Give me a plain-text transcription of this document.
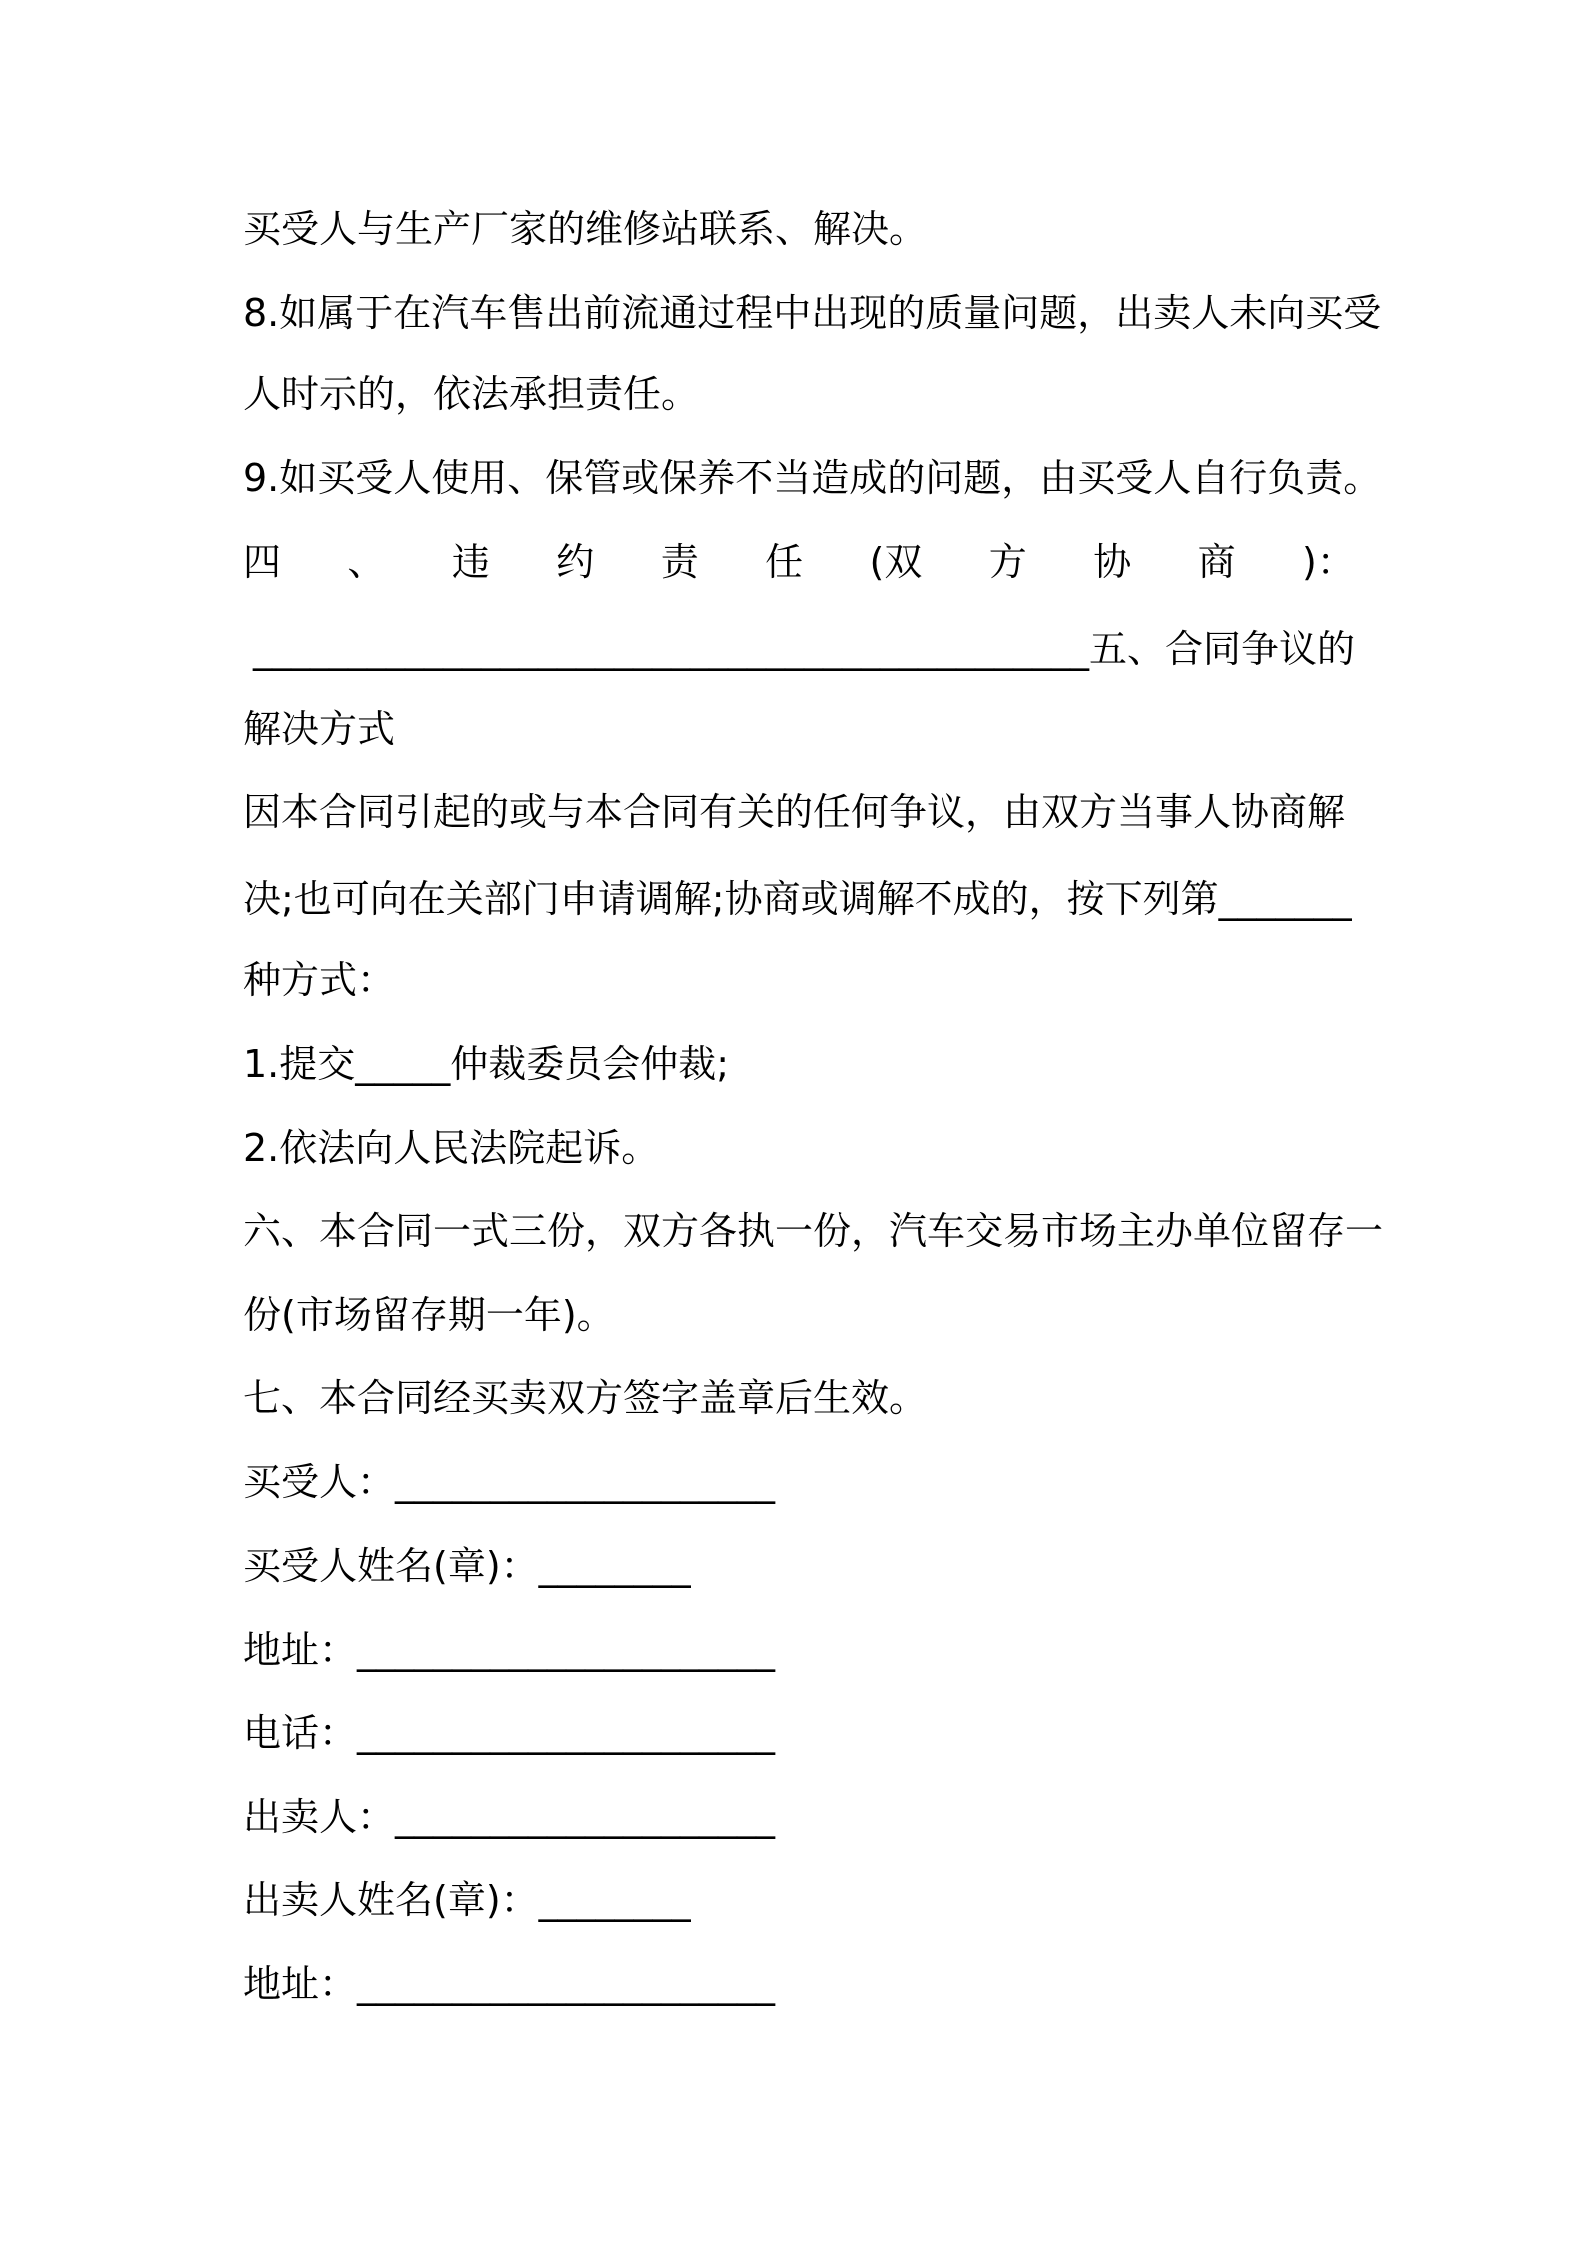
买受人与生产厂家的维修站联系、解决。

8.如属于在汽车售出前流通过程中出现的质量问题，出卖人未向买受

人时示的，依法承担责任。

9.如买受人使用、保管或保养不当造成的问题，由买受人自行负责。

四 、 违 约 责 任 (双 方 协 商 )：

____________________________________________五、合同争议的

解决方式

因本合同引起的或与本合同有关的任何争议，由双方当事人协商解

决;也可向在关部门申请调解;协商或调解不成的，按下列第_______

种方式：

1.提交_____仲裁委员会仲裁;

2.依法向人民法院起诉。

六、本合同一式三份，双方各执一份，汽车交易市场主办单位留存一

份(市场留存期一年)。

七、本合同经买卖双方签字盖章后生效。

买受人：____________________

买受人姓名(章)：________

地址：______________________

电话：______________________

出卖人：____________________

出卖人姓名(章)：________

地址：______________________
